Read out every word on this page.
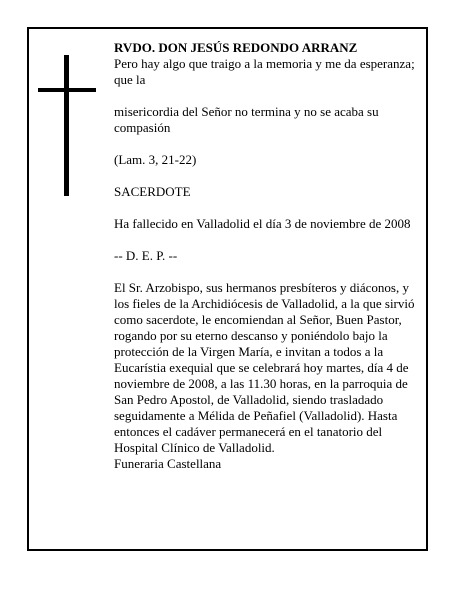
RVDO. DON JESÚS REDONDO ARRANZ

Pero hay algo que traigo a la memoria y me da esperanza; que la

misericordia del Señor no termina y no se acaba su compasión

(Lam. 3, 21-22)

SACERDOTE

Ha fallecido en Valladolid el día 3 de noviembre de 2008

-- D. E. P. --

El Sr. Arzobispo, sus hermanos presbíteros y diáconos, y los fieles de la Archidiócesis de Valladolid, a la que sirvió como sacerdote, le encomiendan al Señor, Buen Pastor, rogando por su eterno descanso y poniéndolo bajo la protección de la Virgen María, e invitan a todos a la Eucarístia exequial que se celebrará hoy martes, día 4 de noviembre de 2008, a las 11.30 horas, en la parroquia de San Pedro Apostol, de Valladolid, siendo trasladado seguidamente a Mélida de Peñafiel (Valladolid). Hasta entonces el cadáver permanecerá en el tanatorio del Hospital Clínico de Valladolid.

Funeraria Castellana
